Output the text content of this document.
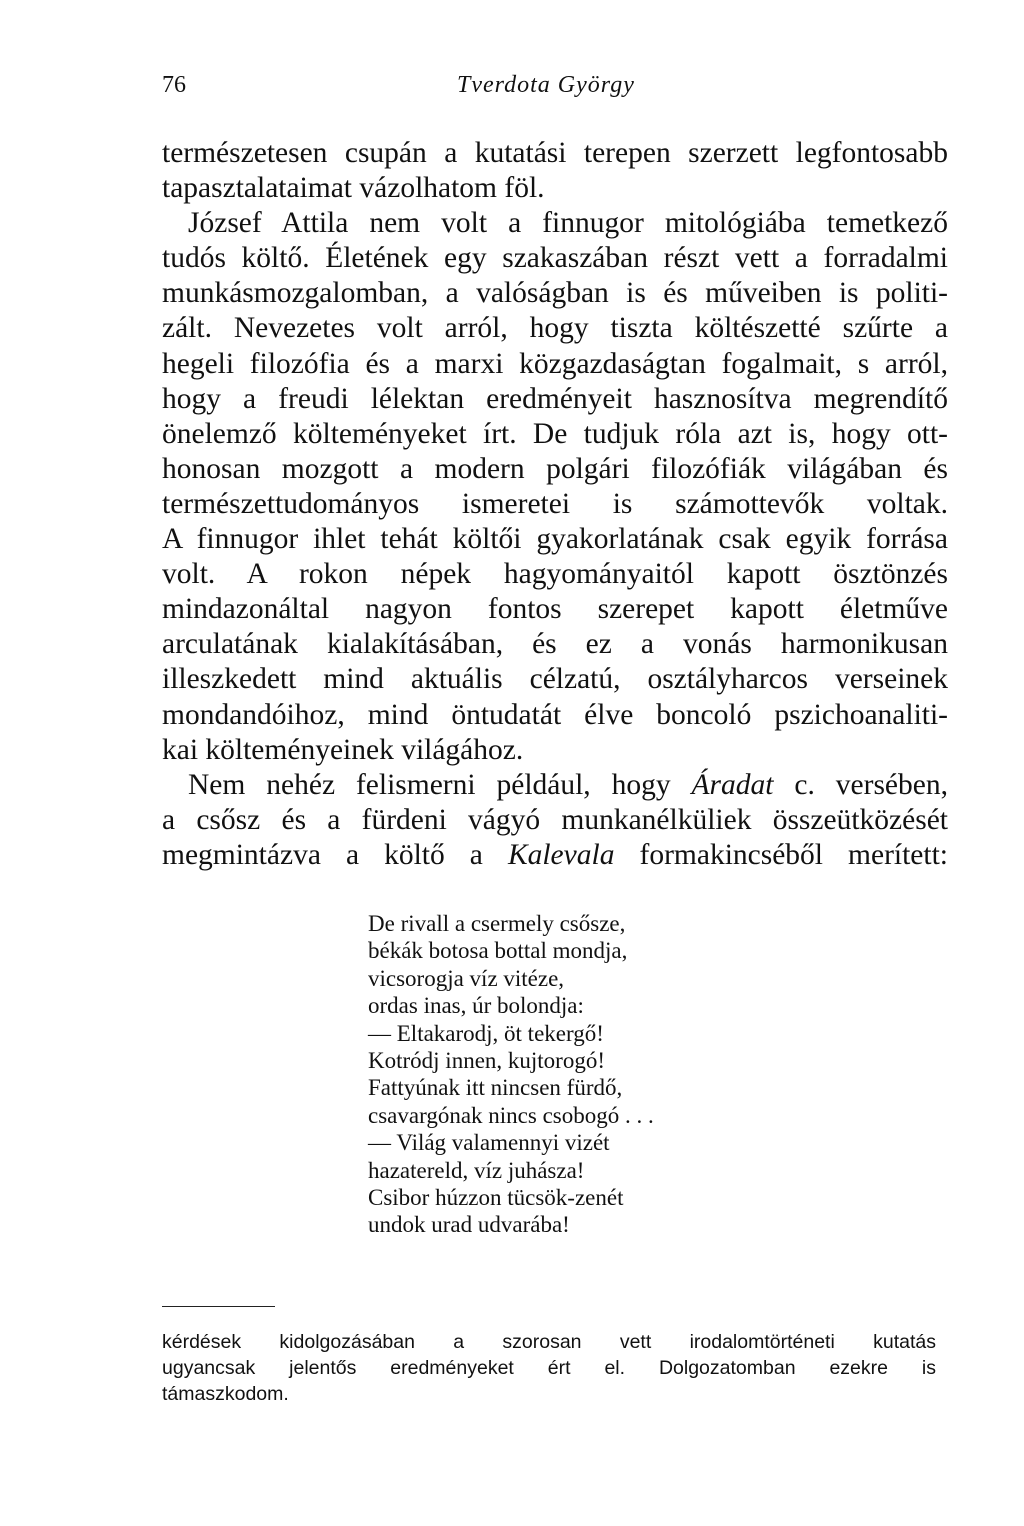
76	Tverdota György
természetesen csupán a kutatási terepen szerzett legfontosabb
tapasztalataimat vázolhatom föl.
József Attila nem volt a finnugor mitológiába temetkező
tudós költő. Életének egy szakaszában részt vett a forradalmi
munkásmozgalomban, a valóságban is és műveiben is politi-
zált. Nevezetes volt arról, hogy tiszta költészetté szűrte a
hegeli filozófia és a marxi közgazdaságtan fogalmait, s arról,
hogy a freudi lélektan eredményeit hasznosítva megrendítő
önelemző költeményeket írt. De tudjuk róla azt is, hogy ott-
honosan mozgott a modern polgári filozófiák világában és
természettudományos ismeretei is számottevők voltak.
A finnugor ihlet tehát költői gyakorlatának csak egyik forrása
volt. A rokon népek hagyományaitól kapott ösztönzés
mindazonáltal nagyon fontos szerepet kapott életműve
arculatának kialakításában, és ez a vonás harmonikusan
illeszkedett mind aktuális célzatú, osztályharcos verseinek
mondandóihoz, mind öntudatát élve boncoló pszichoanaliti-
kai költeményeinek világához.
Nem nehéz felismerni például, hogy Áradat c. versében,
a csősz és a fürdeni vágyó munkanélküliek összeütközését
megmintázva a költő a Kalevala formakincséből merített:
De rivall a csermely csősze,
békák botosa bottal mondja,
vicsorogja víz vitéze,
ordas inas, úr bolondja:
— Eltakarodj, öt tekergő!
Kotródj innen, kujtorogó!
Fattyúnak itt nincsen fürdő,
csavargónak nincs csobogó . . .
— Világ valamennyi vizét
hazatereld, víz juhásza!
Csibor húzzon tücsök-zenét
undok urad udvarába!
kérdések kidolgozásában a szorosan vett irodalomtörténeti kutatás
ugyancsak jelentős eredményeket ért el. Dolgozatomban ezekre is
támaszkodom.
